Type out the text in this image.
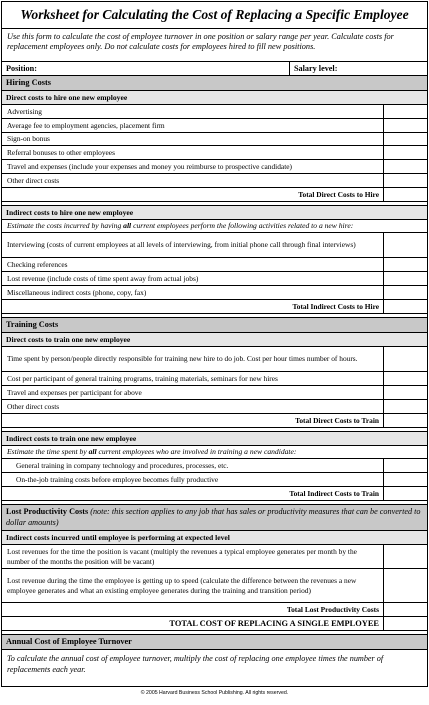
Worksheet for Calculating the Cost of Replacing a Specific Employee
Use this form to calculate the cost of employee turnover in one position or salary range per year. Calculate costs for replacement employees only. Do not calculate costs for employees hired to fill new positions.
Position:	Salary level:
Hiring Costs
Direct costs to hire one new employee
Advertising
Average fee to employment agencies, placement firm
Sign-on bonus
Referral bonuses to other employees
Travel and expenses (include your expenses and money you reimburse to prospective candidate)
Other direct costs
Total Direct Costs to Hire
Indirect costs to hire one new employee
Estimate the costs incurred by having all current employees perform the following activities related to a new hire:
Interviewing (costs of current employees at all levels of interviewing, from initial phone call through final interviews)
Checking references
Lost revenue (include costs of time spent away from actual jobs)
Miscellaneous indirect costs (phone, copy, fax)
Total Indirect Costs to Hire
Training Costs
Direct costs to train one new employee
Time spent by person/people directly responsible for training new hire to do job. Cost per hour times number of hours.
Cost per participant of general training programs, training materials, seminars for new hires
Travel and expenses per participant for above
Other direct costs
Total Direct Costs to Train
Indirect costs to train one new employee
Estimate the time spent by all current employees who are involved in training a new candidate:
General training in company technology and procedures, processes, etc.
On-the-job training costs before employee becomes fully productive
Total Indirect Costs to Train
Lost Productivity Costs (note: this section applies to any job that has sales or productivity measures that can be converted to dollar amounts)
Indirect costs incurred until employee is performing at expected level
Lost revenues for the time the position is vacant (multiply the revenues a typical employee generates per month by the number of the months the position will be vacant)
Lost revenue during the time the employee is getting up to speed (calculate the difference between the revenues a new employee generates and what an existing employee generates during the training and transition period)
Total Lost Productivity Costs
TOTAL COST OF REPLACING A SINGLE EMPLOYEE
Annual Cost of Employee Turnover
To calculate the annual cost of employee turnover, multiply the cost of replacing one employee times the number of replacements each year.
© 2005 Harvard Business School Publishing. All rights reserved.
